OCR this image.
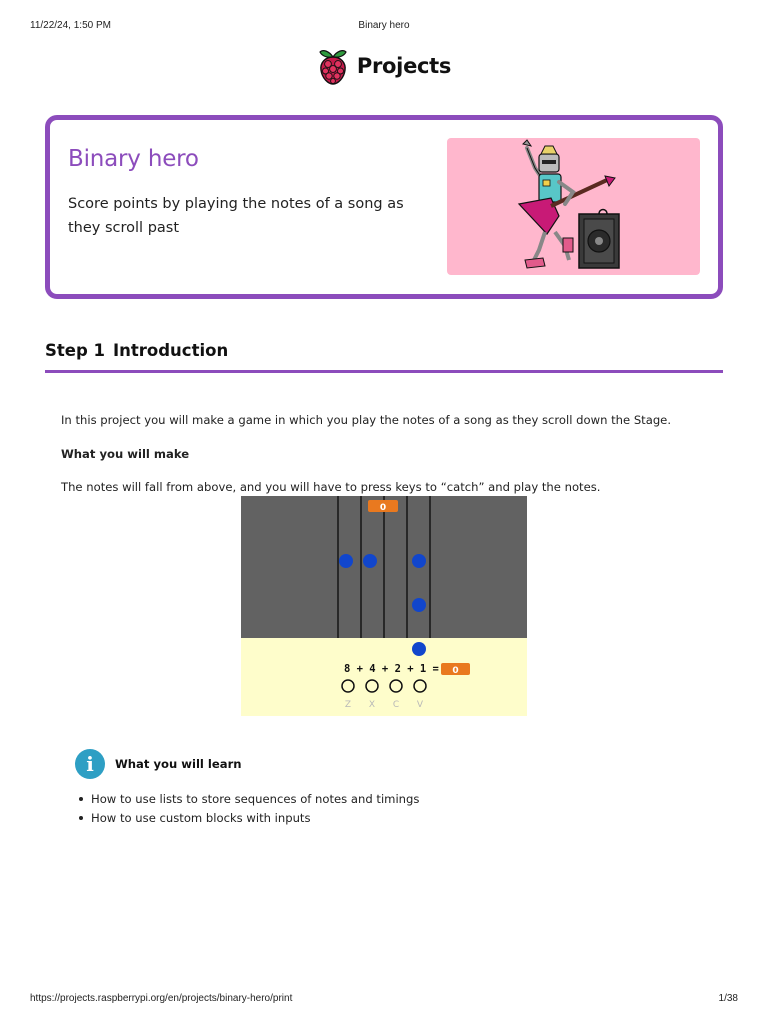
11/22/24, 1:50 PM	Binary hero
Projects
Binary hero

Score points by playing the notes of a song as they scroll past

Step 1 Introduction

In this project you will make a game in which you play the notes of a song as they scroll down the Stage.

What you will make

The notes will fall from above, and you will have to press keys to “catch” and play the notes.

0
8 + 4 + 2 + 1 = 0
Z X C V
i	What you will learn
How to use lists to store sequences of notes and timings
How to use custom blocks with inputs
https://projects.raspberrypi.org/en/projects/binary-hero/print	1/38
